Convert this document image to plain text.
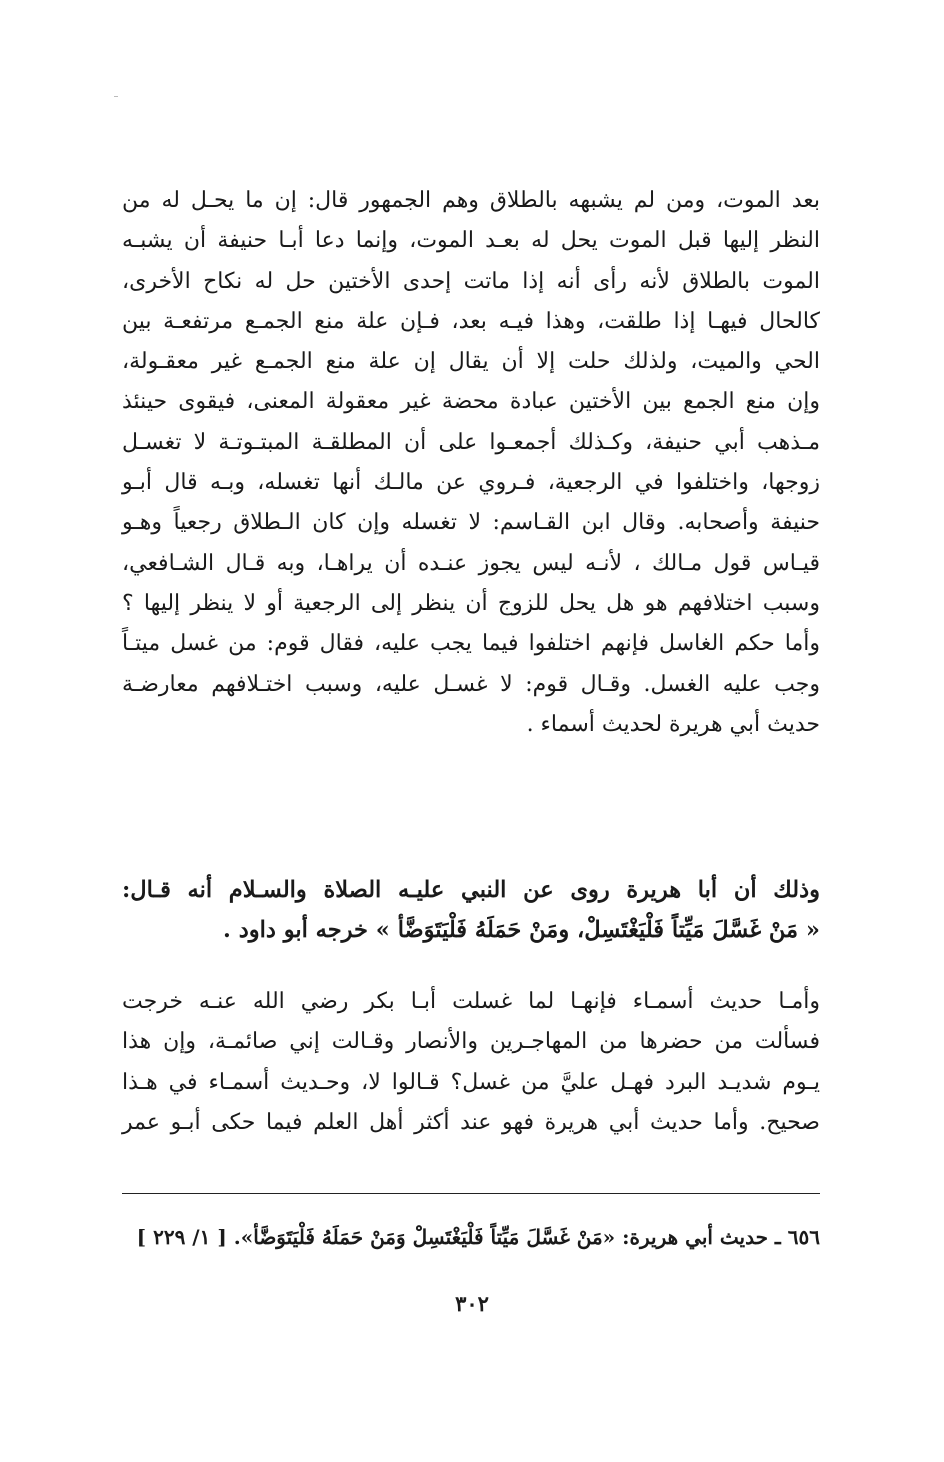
بعد الموت، ومن لم يشبهه بالطلاق وهم الجمهور قال: إن ما يحـل له من
النظر إليها قبل الموت يحل له بعـد الموت، وإنما دعا أبـا حنيفة أن يشبـه
الموت بالطلاق لأنه رأى أنه إذا ماتت إحدى الأختين حل له نكاح الأخرى،
كالحال فيهـا إذا طلقت، وهذا فيـه بعد، فـإن علة منع الجمـع مرتفعـة بين
الحي والميت، ولذلك حلت إلا أن يقال إن علة منع الجمـع غير معقـولة،
وإن منع الجمع بين الأختين عبادة محضة غير معقولة المعنى، فيقوى حينئذ
مـذهب أبي حنيفة، وكـذلك أجمعـوا على أن المطلقـة المبتـوتـة لا تغسـل
زوجها، واختلفوا في الرجعية، فـروي عن مالـك أنها تغسله، وبـه قال أبـو
حنيفة وأصحابه. وقال ابن القـاسم: لا تغسله وإن كان الـطلاق رجعياً وهـو
قيـاس قول مـالك ، لأنـه ليس يجوز عنـده أن يراهـا، وبه قـال الشـافعي،
وسبب اختلافهم هو هل يحل للزوج أن ينظر إلى الرجعية أو لا ينظر إليها ؟
وأما حكم الغاسل فإنهم اختلفوا فيما يجب عليه، فقال قوم: من غسل ميتـاً
وجب عليه الغسل. وقـال قوم: لا غسـل عليه، وسبب اختـلافهم معارضـة
حديث أبي هريرة لحديث أسماء .
وذلك أن أبا هريرة روى عن النبي عليـه الصلاة والسـلام أنه قـال:
« مَنْ غَسَّلَ مَيِّتاً فَلْيَغْتَسِلْ، ومَنْ حَمَلَهُ فَلْيَتَوَضَّأ » خرجه أبو داود .
وأمـا حديث أسمـاء فإنهـا لما غسلت أبـا بكر رضي الله عنـه خرجت
فسألت من حضرها من المهاجـرين والأنصار وقـالت إني صائمـة، وإن هذا
يـوم شديـد البرد فهـل عليَّ من غسل؟ قـالوا لا، وحـديث أسمـاء في هـذا
صحيح. وأما حديث أبي هريرة فهو عند أكثر أهل العلم فيما حكى أبـو عمر
٦٥٦ ـ حديث أبي هريرة: «مَنْ غَسَّلَ مَيِّتاً فَلْيَغْتَسِلْ وَمَنْ حَمَلَهُ فَلْيَتَوَضَّأ». [ ١/ ٢٢٩ ]
٣٠٢
